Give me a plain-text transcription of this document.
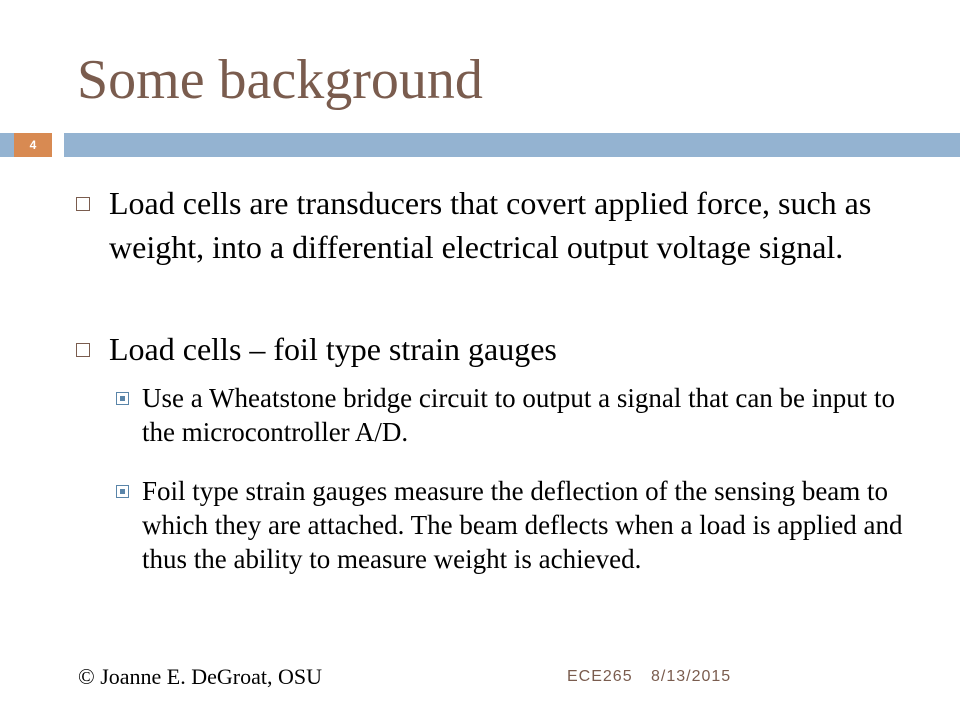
Some background
4
Load cells are transducers that covert applied force, such as weight, into a differential electrical output voltage signal.
Load cells – foil type strain gauges
Use a Wheatstone bridge circuit to output a signal that can be input to the microcontroller A/D.
Foil type strain gauges measure the deflection of the sensing beam to which they are attached. The beam deflects when a load is applied and thus the ability to measure weight is achieved.
© Joanne E. DeGroat, OSU	ECE265 8/13/2015
